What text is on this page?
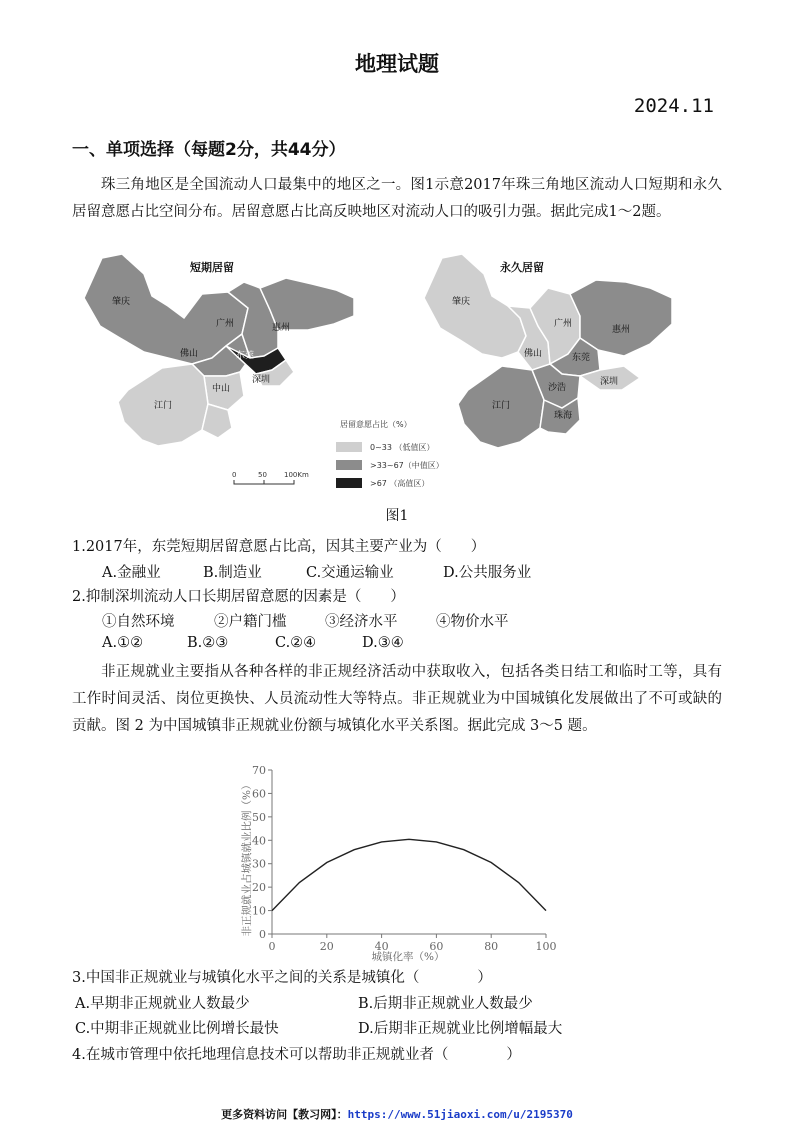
地理试题
2024.11
一、单项选择（每题2分，共44分）
珠三角地区是全国流动人口最集中的地区之一。图1示意2017年珠三角地区流动人口短期和永久居留意愿占比空间分布。居留意愿占比高反映地区对流动人口的吸引力强。据此完成1～2题。
短期居留
肇庆
广州	惠州
佛山	东莞
深圳
中山
江门
永久居留
肇庆
广州
惠州
佛山	东莞
深圳
沙浩
江门
珠海
居留意愿占比（%）
0~33 （低值区）
>33~67（中值区）
>67 （高值区）
0	50 100Km
图1
1.2017年，东莞短期居留意愿占比高，因其主要产业为（　　）
A.金融业	B.制造业	C.交通运输业	D.公共服务业
2.抑制深圳流动人口长期居留意愿的因素是（　　）
①自然环境	②户籍门槛	③经济水平	④物价水平
A.①②	B.②③	C.②④	D.③④
非正规就业主要指从各种各样的非正规经济活动中获取收入，包括各类日结工和临时工等，具有工作时间灵活、岗位更换快、人员流动性大等特点。非正规就业为中国城镇化发展做出了不可或缺的贡献。图 2 为中国城镇非正规就业份额与城镇化水平关系图。据此完成 3～5 题。
非正规就业占城镇就业比例（%）
城镇化率（%）
0
10
20
30
40
50
60
70
0	20	40	60	80	100
3.中国非正规就业与城镇化水平之间的关系是城镇化（　　　　）
A.早期非正规就业人数最少	B.后期非正规就业人数最少
C.中期非正规就业比例增长最快	D.后期非正规就业比例增幅最大
4.在城市管理中依托地理信息技术可以帮助非正规就业者（　　　　）
更多资料访问【教习网】：https://www.51jiaoxi.com/u/2195370
